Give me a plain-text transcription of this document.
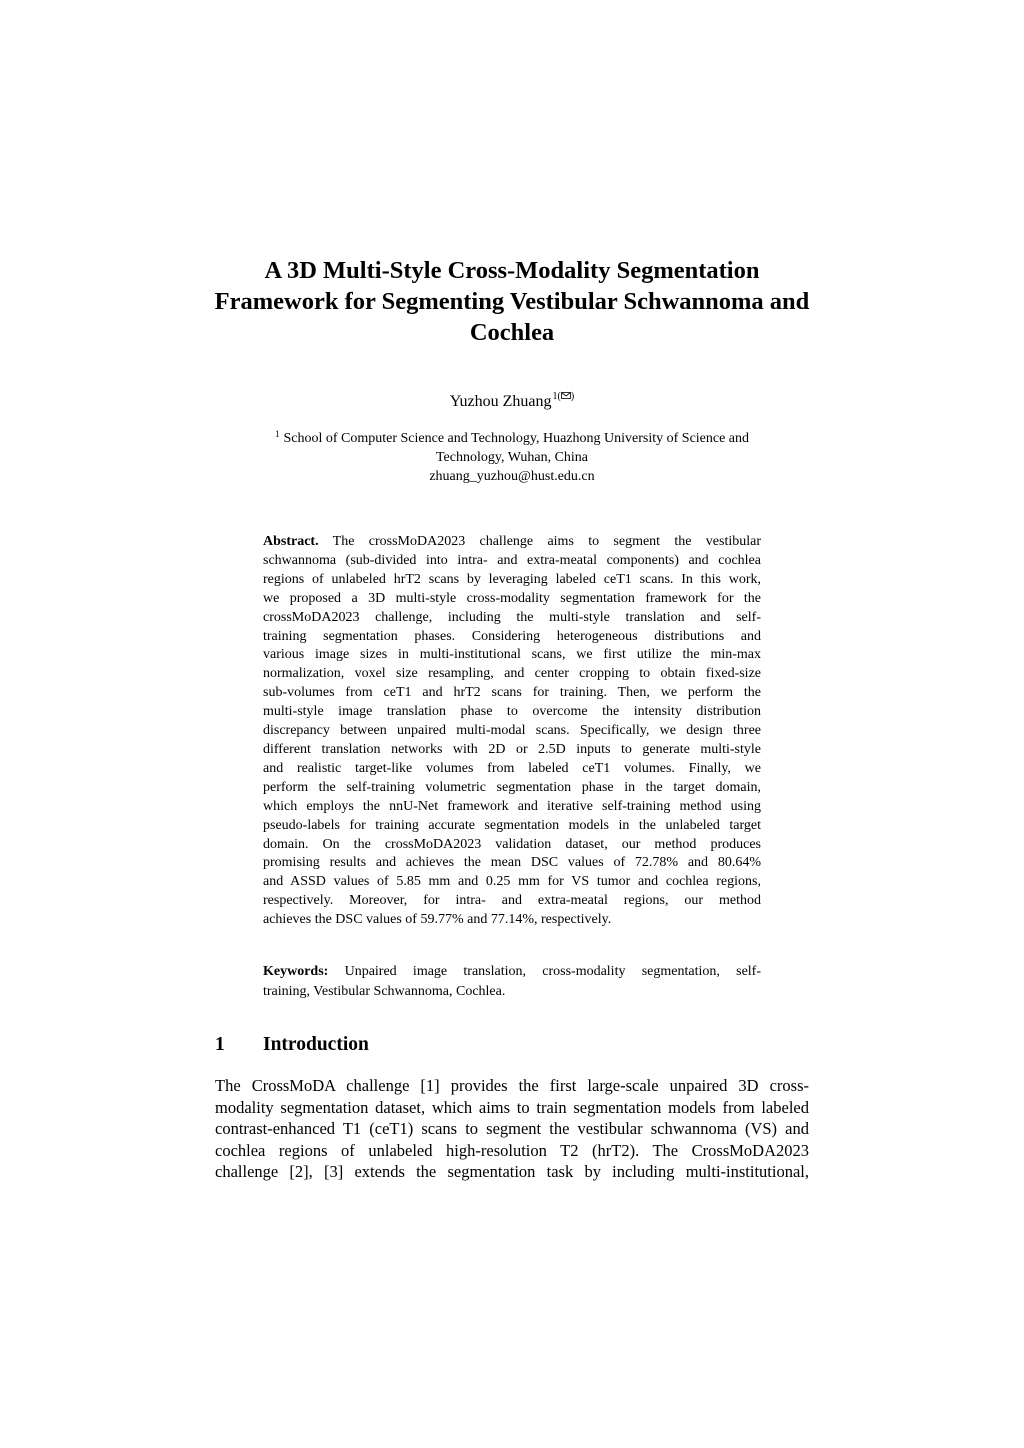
A 3D Multi-Style Cross-Modality Segmentation
Framework for Segmenting Vestibular Schwannoma and
Cochlea
Yuzhou Zhuang$^{1( )}$
$^1$ School of Computer Science and Technology, Huazhong University of Science and
Technology, Wuhan, China
zhuang_yuzhou@hust.edu.cn
Abstract. The crossMoDA2023 challenge aims to segment the vestibular
schwannoma (sub-divided into intra- and extra-meatal components) and cochlea
regions of unlabeled hrT2 scans by leveraging labeled ceT1 scans. In this work,
we proposed a 3D multi-style cross-modality segmentation framework for the
crossMoDA2023 challenge, including the multi-style translation and self-
training segmentation phases. Considering heterogeneous distributions and
various image sizes in multi-institutional scans, we first utilize the min-max
normalization, voxel size resampling, and center cropping to obtain fixed-size
sub-volumes from ceT1 and hrT2 scans for training. Then, we perform the
multi-style image translation phase to overcome the intensity distribution
discrepancy between unpaired multi-modal scans. Specifically, we design three
different translation networks with 2D or 2.5D inputs to generate multi-style
and realistic target-like volumes from labeled ceT1 volumes. Finally, we
perform the self-training volumetric segmentation phase in the target domain,
which employs the nnU-Net framework and iterative self-training method using
pseudo-labels for training accurate segmentation models in the unlabeled target
domain. On the crossMoDA2023 validation dataset, our method produces
promising results and achieves the mean DSC values of 72.78% and 80.64%
and ASSD values of 5.85 mm and 0.25 mm for VS tumor and cochlea regions,
respectively. Moreover, for intra- and extra-meatal regions, our method
achieves the DSC values of 59.77% and 77.14%, respectively.
Keywords: Unpaired image translation, cross-modality segmentation, self-
training, Vestibular Schwannoma, Cochlea.
1 Introduction
The CrossMoDA challenge [1] provides the first large-scale unpaired 3D cross-
modality segmentation dataset, which aims to train segmentation models from labeled
contrast-enhanced T1 (ceT1) scans to segment the vestibular schwannoma (VS) and
cochlea regions of unlabeled high-resolution T2 (hrT2). The CrossMoDA2023
challenge [2], [3] extends the segmentation task by including multi-institutional,
